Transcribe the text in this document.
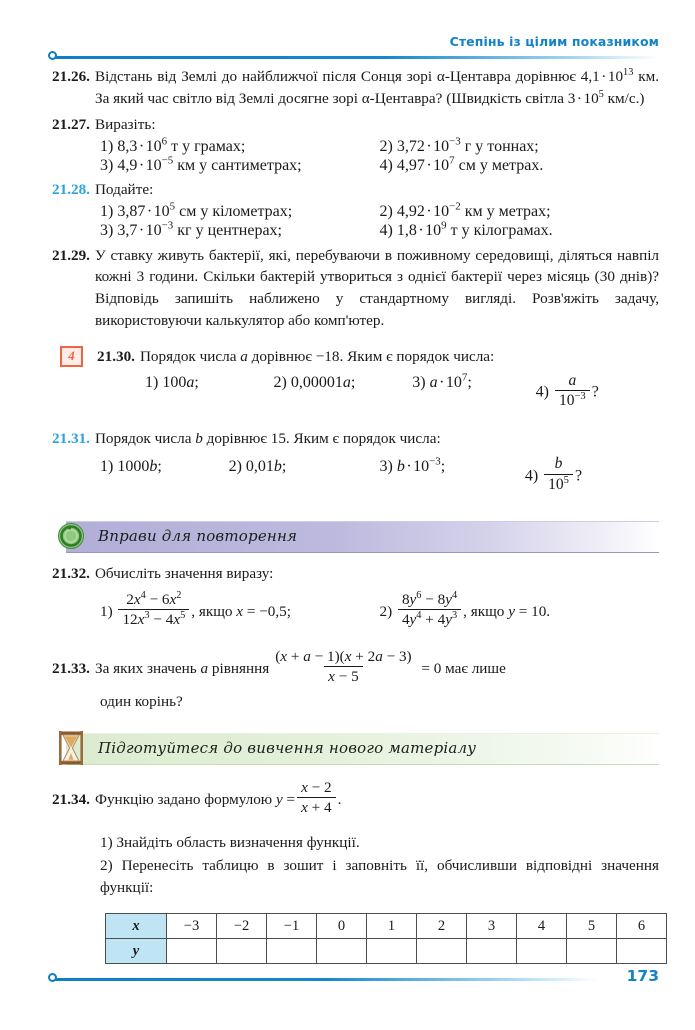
Степінь із цілим показником
21.26. Відстань від Землі до найближчої після Сонця зорі α-Центавра дорівнює $4,1\cdot 10^{13}$ км. За який час світло від Землі досягне зорі α-Центавра? (Швидкість світла $3\cdot 10^5$ км/с.)
21.27. Виразіть:
1) $8,3\cdot 10^6$ т у грамах;	2) $3,72\cdot 10^{-3}$ г у тоннах;
3) $4,9\cdot 10^{-5}$ км у сантиметрах;	4) $4,97\cdot 10^7$ см у метрах.
21.28. Подайте:
1) $3,87\cdot 10^5$ см у кілометрах;	2) $4,92\cdot 10^{-2}$ км у метрах;
3) $3,7\cdot 10^{-3}$ кг у центнерах;	4) $1,8\cdot 10^9$ т у кілограмах.
21.29. У ставку живуть бактерії, які, перебуваючи в поживному середовищі, діляться навпіл кожні 3 години. Скільки бактерій утвориться з однієї бактерії через місяць (30 днів)? Відповідь запишіть наближено у стандартному вигляді. Розв'яжіть задачу, використовуючи калькулятор або комп'ютер.
4	21.30. Порядок числа a дорівнює −18. Яким є порядок числа:
1) 100a;	2) 0,00001a;	3) $a\cdot 10^7$;
$4) \frac{a}{10^{-3}}$ ?
21.31. Порядок числа b дорівнює 15. Яким є порядок числа:
1) 1000b;	2) 0,01b;	3) $b\cdot 10^{-3}$;
$4) \frac{b}{10^5}$ ?
Вправи для повторення
21.32. Обчисліть значення виразу:
1)
$\frac{2x^4 - 6x^2}{12x^3 - 4x^5}$ , якщо x = −0,5;	2)
$\frac{8y^6 - 8y^4}{4y^4 + 4y^3}$ , якщо y = 10.
21.33. За яких значень a рівняння $\frac{(x + a - 1)(x + 2a - 3)}{x - 5} = 0$ має лише
один корінь?
Підготуйтеся до вивчення нового матеріалу
21.34. Функцію задано формулою $y = \frac{x - 2}{x + 4}$ .
1) Знайдіть область визначення функції.
2) Перенесіть таблицю в зошит і заповніть її, обчисливши відповідні значення функції:
x	−3	−2	−1	0	1	2	3	4	5	6
y										
173
